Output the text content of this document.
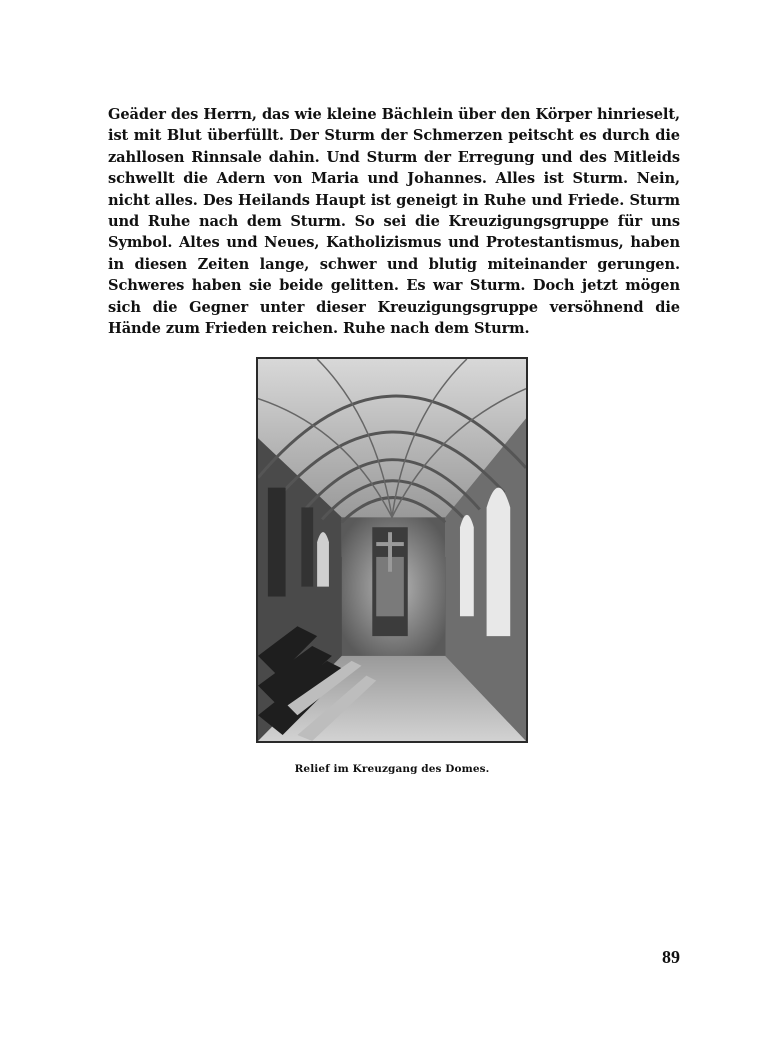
Geäder des Herrn, das wie kleine Bächlein über den Körper hinrieselt, ist mit Blut überfüllt. Der Sturm der Schmerzen peitscht es durch die zahllosen Rinnsale dahin. Und Sturm der Erregung und des Mitleids schwellt die Adern von Maria und Johannes. Alles ist Sturm. Nein, nicht alles. Des Heilands Haupt ist geneigt in Ruhe und Friede. Sturm und Ruhe nach dem Sturm. So sei die Kreuzigungsgruppe für uns Symbol. Altes und Neues, Katholizismus und Protestantismus, haben in diesen Zeiten lange, schwer und blutig miteinander gerungen. Schweres haben sie beide gelitten. Es war Sturm. Doch jetzt mögen sich die Gegner unter dieser Kreuzigungsgruppe versöhnend die Hände zum Frieden reichen. Ruhe nach dem Sturm.

Relief im Kreuzgang des Domes.

89
